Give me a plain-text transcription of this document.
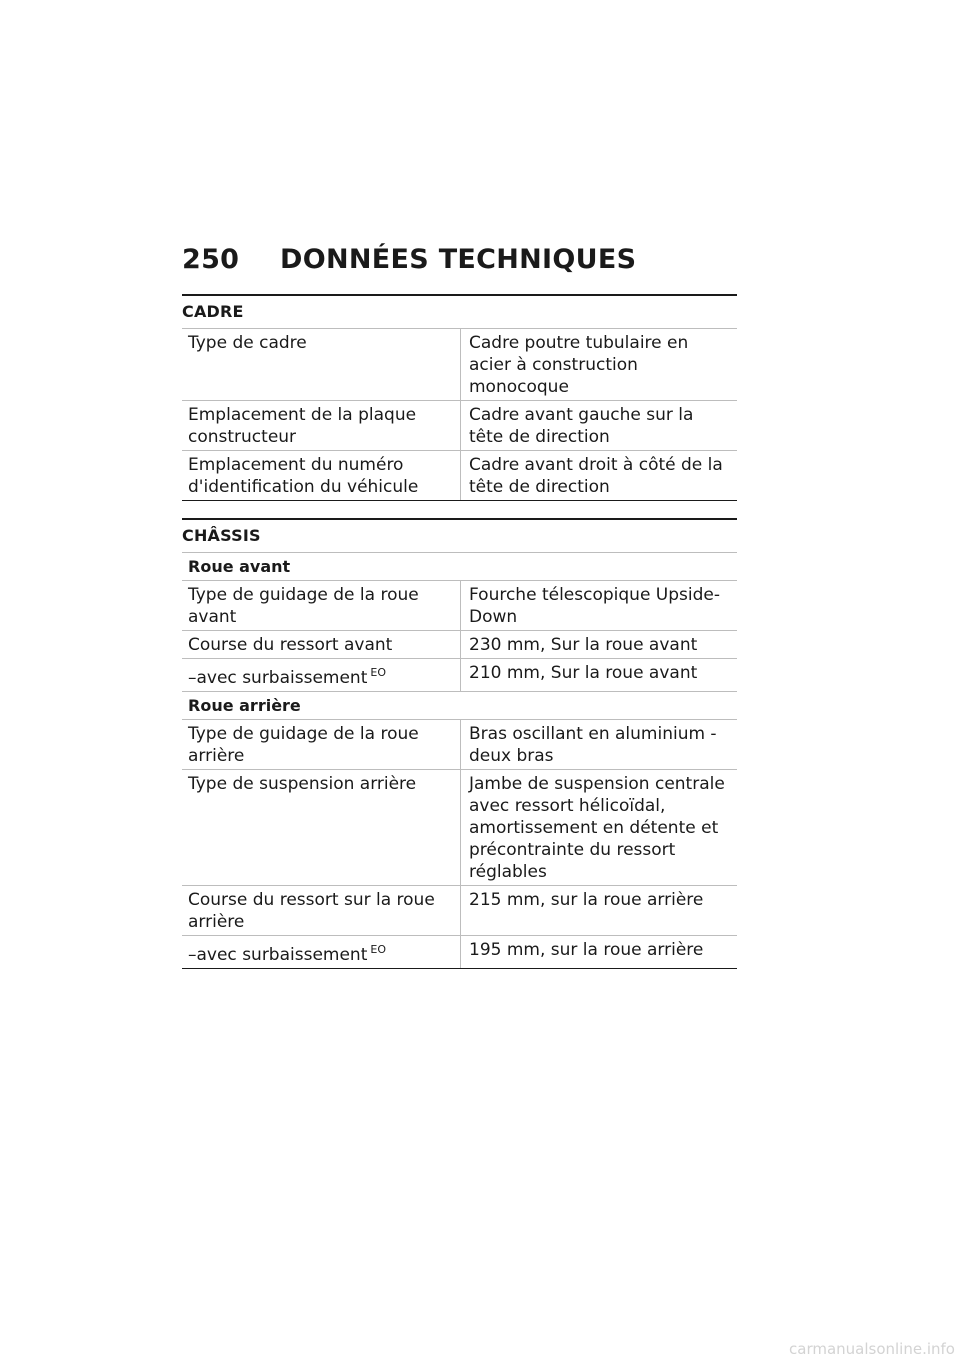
250 DONNÉES TECHNIQUES
CADRE
Type de cadre	Cadre poutre tubulaire en acier à construction monocoque
Emplacement de la plaque constructeur	Cadre avant gauche sur la tête de direction
Emplacement du numéro d'identification du véhicule	Cadre avant droit à côté de la tête de direction
CHÂSSIS
Roue avant	
Type de guidage de la roue avant	Fourche télescopique Upside-Down
Course du ressort avant	230 mm, Sur la roue avant
–avec surbaissement $^{EO}$	210 mm, Sur la roue avant
Roue arrière	
Type de guidage de la roue arrière	Bras oscillant en aluminium - deux bras
Type de suspension arrière	Jambe de suspension centrale avec ressort hélicoïdal, amortissement en détente et précontrainte du ressort réglables
Course du ressort sur la roue arrière	215 mm, sur la roue arrière
–avec surbaissement $^{EO}$	195 mm, sur la roue arrière
carmanualsonline.info
